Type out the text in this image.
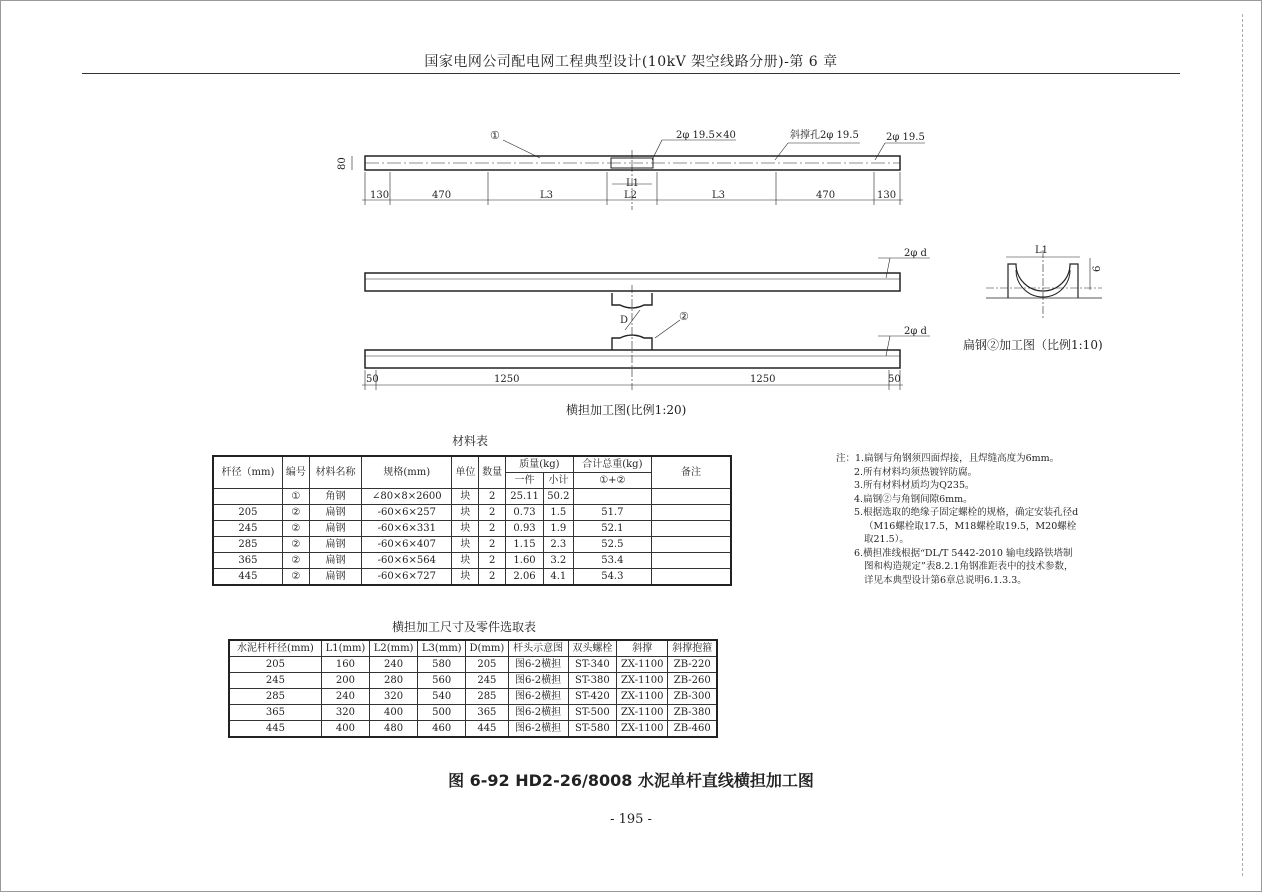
国家电网公司配电网工程典型设计(10kV 架空线路分册)-第 6 章
①	2φ 19.5×40	斜撑孔2φ 19.5	2φ 19.5
80
L1
130	470	L3	L2	L3	470	130
2φ d
2φ d
D	②
50	1250	1250	50
L1
6
横担加工图(比例1:20)
扁钢②加工图（比例1:10)
材料表
杆径（mm)	编号	材料名称	规格(mm)	单位	数量	质量(kg)		合计总重(kg)	备注
						一件	小计	①+②	
	①	角钢	∠80×8×2600	块	2	25.11	50.2		
205	②	扁钢	-60×6×257	块	2	0.73	1.5	51.7	
245	②	扁钢	-60×6×331	块	2	0.93	1.9	52.1	
285	②	扁钢	-60×6×407	块	2	1.15	2.3	52.5	
365	②	扁钢	-60×6×564	块	2	1.60	3.2	53.4	
445	②	扁钢	-60×6×727	块	2	2.06	4.1	54.3	
横担加工尺寸及零件选取表
水泥杆杆径(mm)	L1(mm)	L2(mm)	L3(mm)	D(mm)	杆头示意图	双头螺栓	斜撑	斜撑抱箍
205	160	240	580	205	图6-2横担	ST-340	ZX-1100	ZB-220
245	200	280	560	245	图6-2横担	ST-380	ZX-1100	ZB-260
285	240	320	540	285	图6-2横担	ST-420	ZX-1100	ZB-300
365	320	400	500	365	图6-2横担	ST-500	ZX-1100	ZB-380
445	400	480	460	445	图6-2横担	ST-580	ZX-1100	ZB-460
注：1.扁钢与角钢须四面焊接，且焊缝高度为6mm。
2.所有材料均须热镀锌防腐。
3.所有材料材质均为Q235。
4.扁钢②与角钢间隙6mm。
5.根据选取的绝缘子固定螺栓的规格，确定安装孔径d（M16螺栓取17.5，M18螺栓取19.5，M20螺栓取21.5）。
6.横担准线根据“DL/T 5442-2010 输电线路铁塔制图和构造规定”表8.2.1角钢准距表中的技术参数，详见本典型设计第6章总说明6.1.3.3。
图 6-92 HD2-26/8008 水泥单杆直线横担加工图
- 195 -
